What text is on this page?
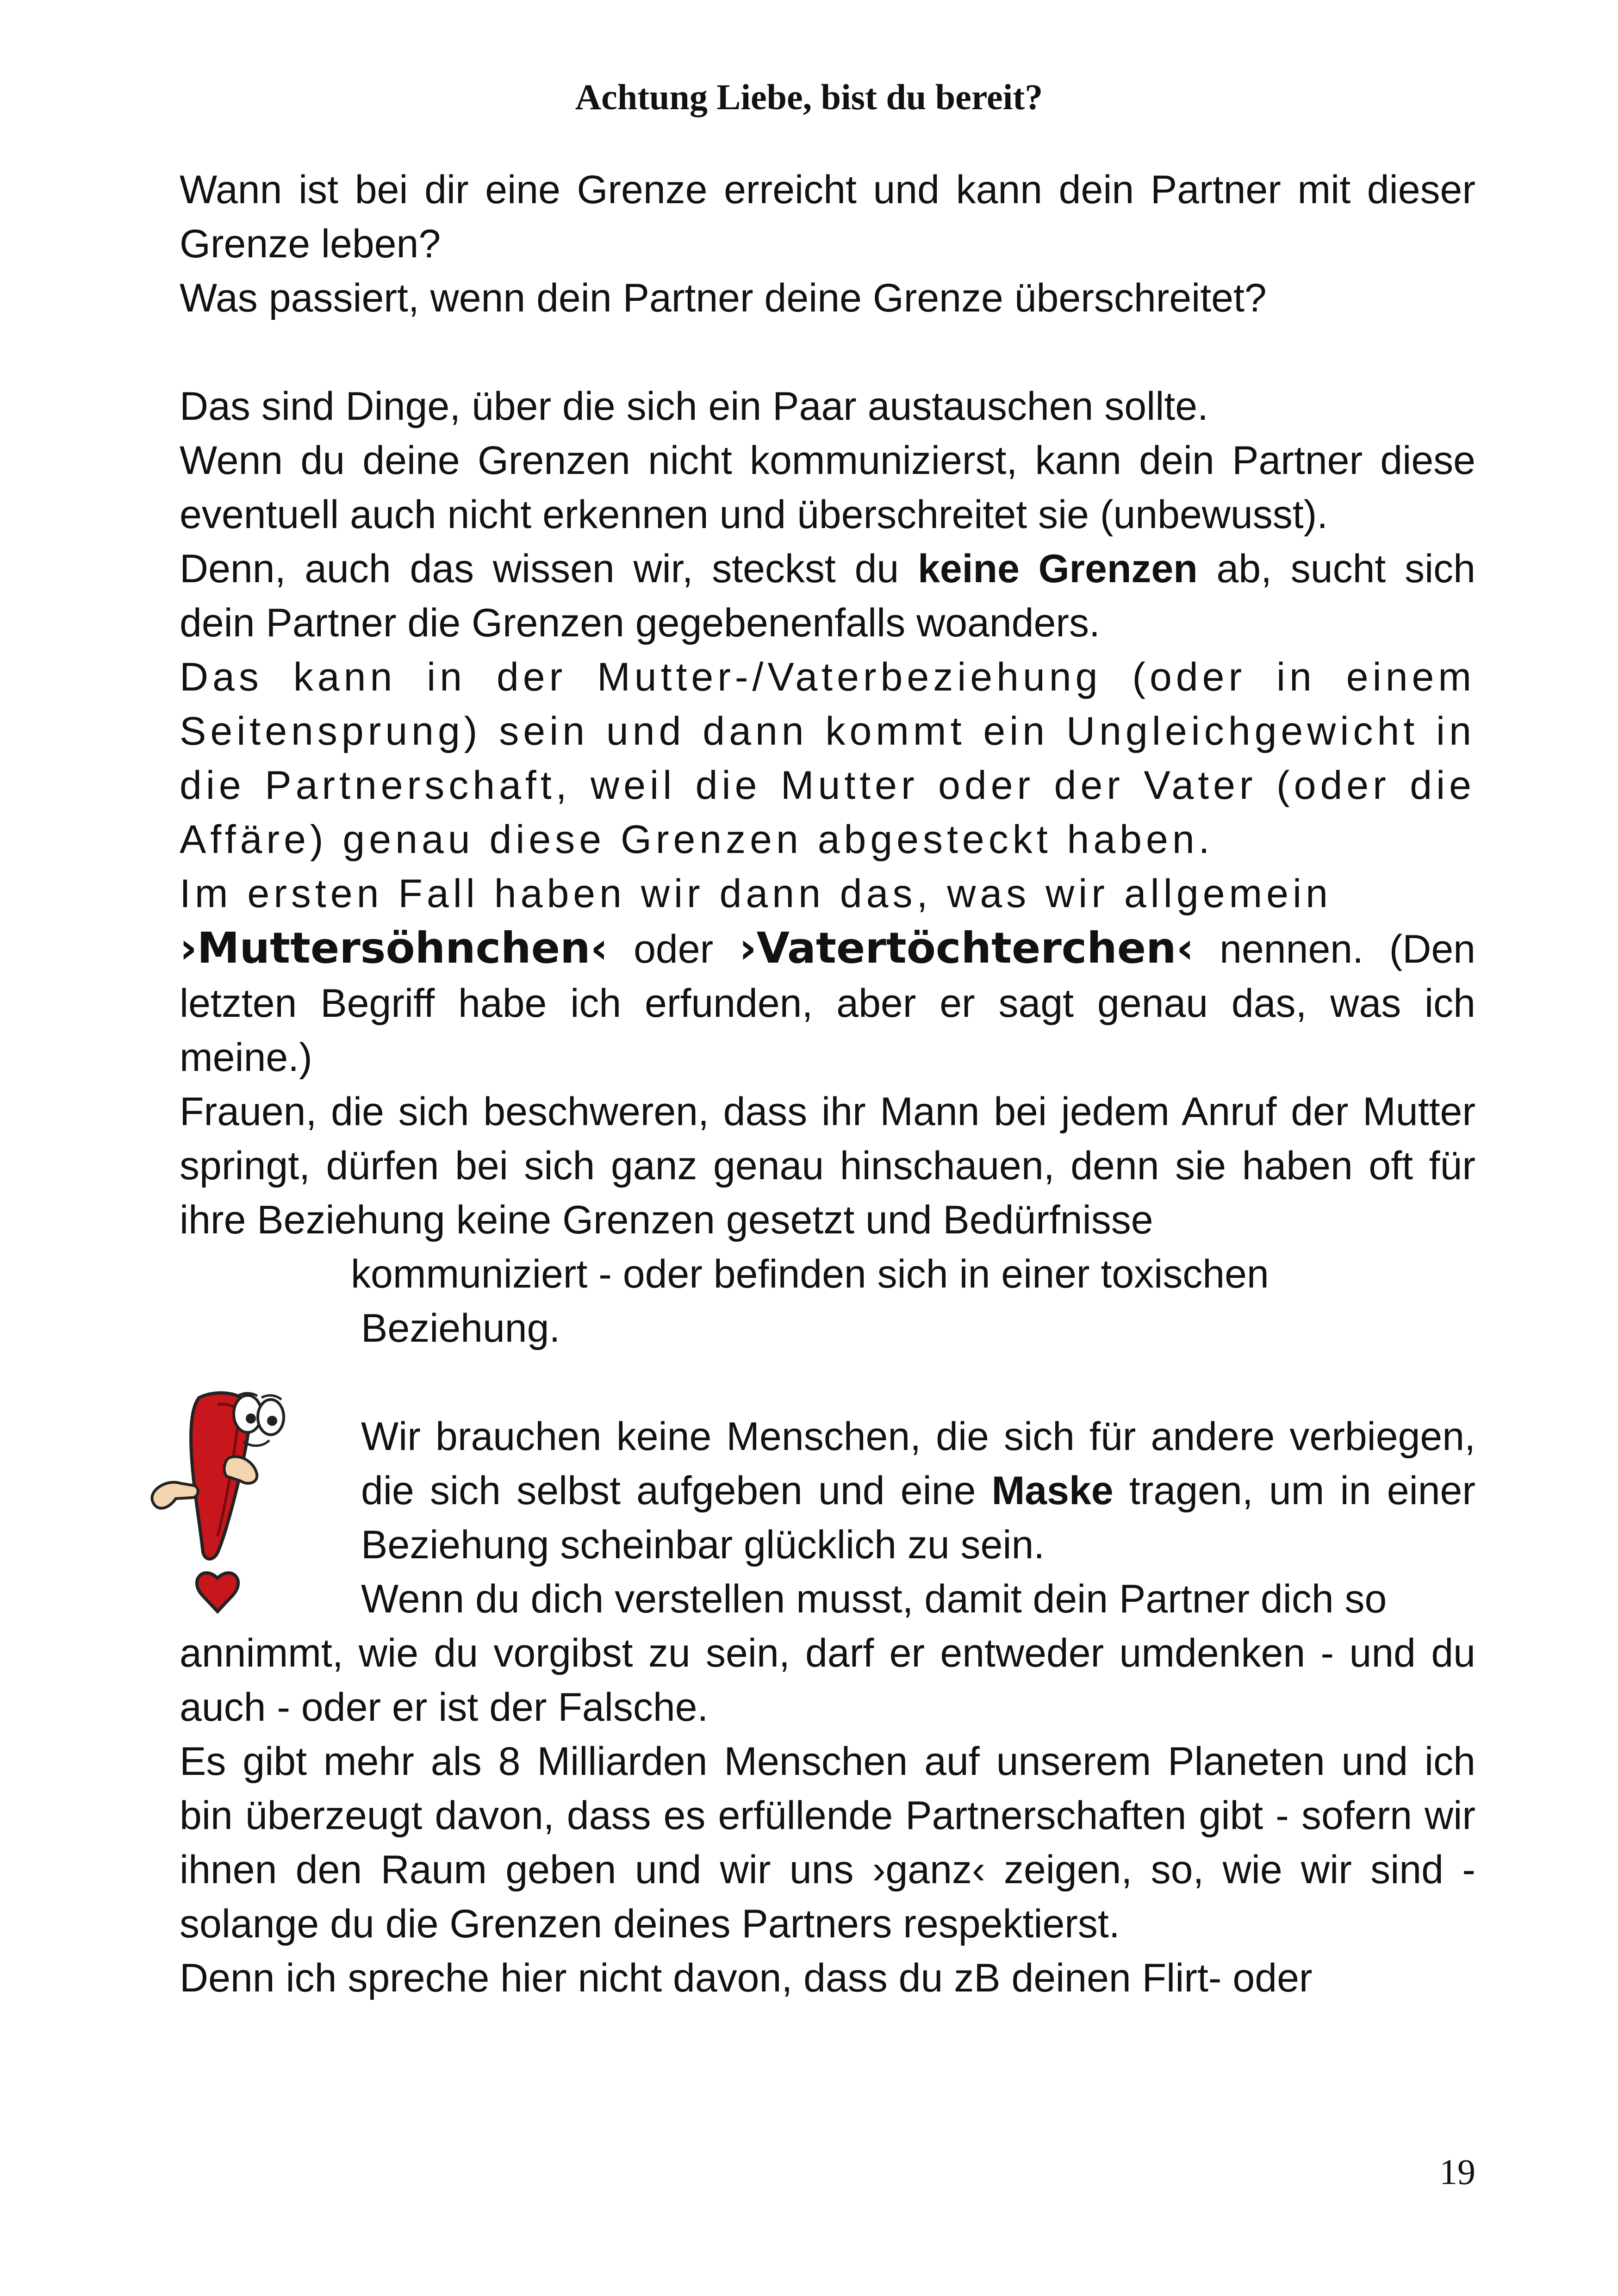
Achtung Liebe, bist du bereit?

Wann ist bei dir eine Grenze erreicht und kann dein Partner mit dieser Grenze leben?

Was passiert, wenn dein Partner deine Grenze überschreitet?

Das sind Dinge, über die sich ein Paar austauschen sollte.

Wenn du deine Grenzen nicht kommunizierst, kann dein Partner diese eventuell auch nicht erkennen und überschreitet sie (unbewusst).

Denn, auch das wissen wir, steckst du keine Grenzen ab, sucht sich dein Partner die Grenzen gegebenenfalls woanders.

Das kann in der Mutter-/Vaterbeziehung (oder in einem Seitensprung) sein und dann kommt ein Ungleichgewicht in die Partnerschaft, weil die Mutter oder der Vater (oder die Affäre) genau diese Grenzen abgesteckt haben.

Im ersten Fall haben wir dann das, was wir allgemein

›Muttersöhnchen‹ oder ›Vatertöchterchen‹ nennen. (Den letzten Begriff habe ich erfunden, aber er sagt genau das, was ich meine.)

Frauen, die sich beschweren, dass ihr Mann bei jedem Anruf der Mutter springt, dürfen bei sich ganz genau hinschauen, denn sie haben oft für ihre Beziehung keine Grenzen gesetzt und Bedürfnisse

kommuniziert - oder befinden sich in einer toxischen

Beziehung.

Wir brauchen keine Menschen, die sich für andere verbiegen, die sich selbst aufgeben und eine Maske tragen, um in einer Beziehung scheinbar glücklich zu sein.

Wenn du dich verstellen musst, damit dein Partner dich so

annimmt, wie du vorgibst zu sein, darf er entweder umdenken - und du auch - oder er ist der Falsche.

Es gibt mehr als 8 Milliarden Menschen auf unserem Planeten und ich bin überzeugt davon, dass es erfüllende Partnerschaften gibt - sofern wir ihnen den Raum geben und wir uns ›ganz‹ zeigen, so, wie wir sind - solange du die Grenzen deines Partners respektierst.

Denn ich spreche hier nicht davon, dass du zB deinen Flirt- oder

19
